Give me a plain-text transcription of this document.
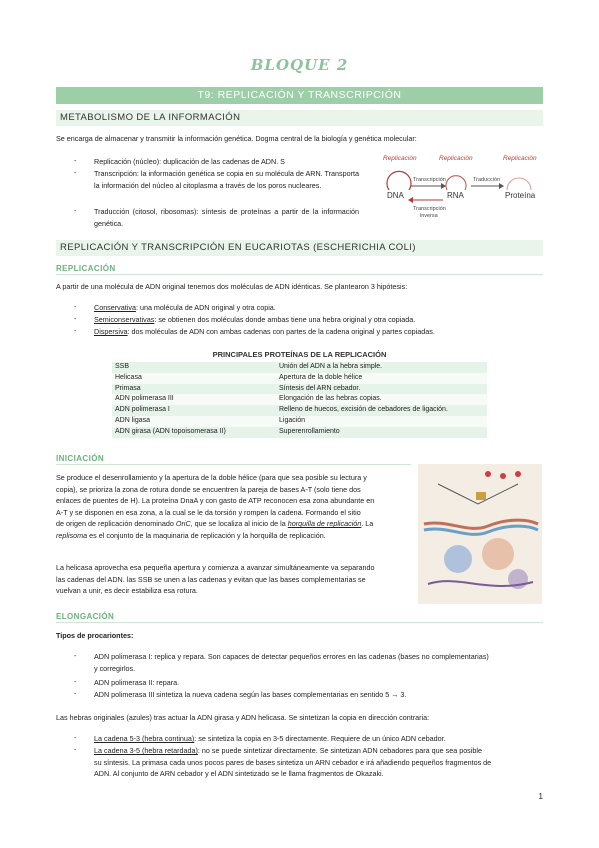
BLOQUE 2
T9: REPLICACIÓN Y TRANSCRIPCIÓN
METABOLISMO DE LA INFORMACIÓN
Se encarga de almacenar y transmitir la información genética. Dogma central de la biología y genética molecular:
- Replicación (núcleo): duplicación de las cadenas de ADN. S
- Transcripción: la información genética se copia en su molécula de ARN. Transporta la información del núcleo al citoplasma a través de los poros nucleares.
- Traducción (citosol, ribosomas): síntesis de proteínas a partir de la información genética.
Replicación	Replicación	Replicación
DNA	RNA	Proteína
Transcripción	Traducción
Transcripción
inversa
REPLICACIÓN Y TRANSCRIPCIÓN EN EUCARIOTAS (ESCHERICHIA COLI)
REPLICACIÓN
A partir de una molécula de ADN original tenemos dos moléculas de ADN idénticas. Se plantearon 3 hipótesis:
- Conservativa: una molécula de ADN original y otra copia.
- Semiconservativas: se obtienen dos moléculas donde ambas tiene una hebra original y otra copiada.
- Dispersiva: dos moléculas de ADN con ambas cadenas con partes de la cadena original y partes copiadas.
PRINCIPALES PROTEÍNAS DE LA REPLICACIÓN
SSB	Unión del ADN a la hebra simple.
Helicasa	Apertura de la doble hélice
Primasa	Síntesis del ARN cebador.
ADN polimerasa III	Elongación de las hebras copias.
ADN polimerasa I	Relleno de huecos, excisión de cebadores de ligación.
ADN ligasa	Ligación
ADN girasa (ADN topoisomerasa II)	Superenrollamiento
INICIACIÓN
Se produce el desenrollamiento y la apertura de la doble hélice (para que sea posible su lectura y
copia), se prioriza la zona de rotura donde se encuentren la pareja de bases A-T (solo tiene dos
enlaces de puentes de H). La proteína DnaA y con gasto de ATP reconocen esa zona abundante en
A-T y se disponen en esa zona, a la cual se le da torsión y rompen la cadena. Formando el sitio
de origen de replicación denominado OriC, que se localiza al inicio de la horquilla de replicación. La
replisoma es el conjunto de la maquinaria de replicación y la horquilla de replicación.
La helicasa aprovecha esa pequeña apertura y comienza a avanzar simultáneamente va separando
las cadenas del ADN. las SSB se unen a las cadenas y evitan que las bases complementarias se
vuelvan a unir, es decir estabiliza esa rotura.
ELONGACIÓN
Tipos de procariontes:
- ADN polimerasa I: replica y repara. Son capaces de detectar pequeños errores en las cadenas (bases no complementarias)
y corregirlos.
- ADN polimerasa II: repara.
- ADN polimerasa III sintetiza la nueva cadena según las bases complementarias en sentido 5 → 3.
Las hebras originales (azules) tras actuar la ADN girasa y ADN helicasa. Se sintetizan la copia en dirección contraria:
- La cadena 5-3 (hebra continua): se sintetiza la copia en 3-5 directamente. Requiere de un único ADN cebador.
- La cadena 3-5 (hebra retardada): no se puede sintetizar directamente. Se sintetizan ADN cebadores para que sea posible
su síntesis. La primasa cada unos pocos pares de bases sintetiza un ARN cebador e irá añadiendo pequeños fragmentos de
ADN. Al conjunto de ARN cebador y el ADN sintetizado se le llama fragmentos de Okazaki.
1
